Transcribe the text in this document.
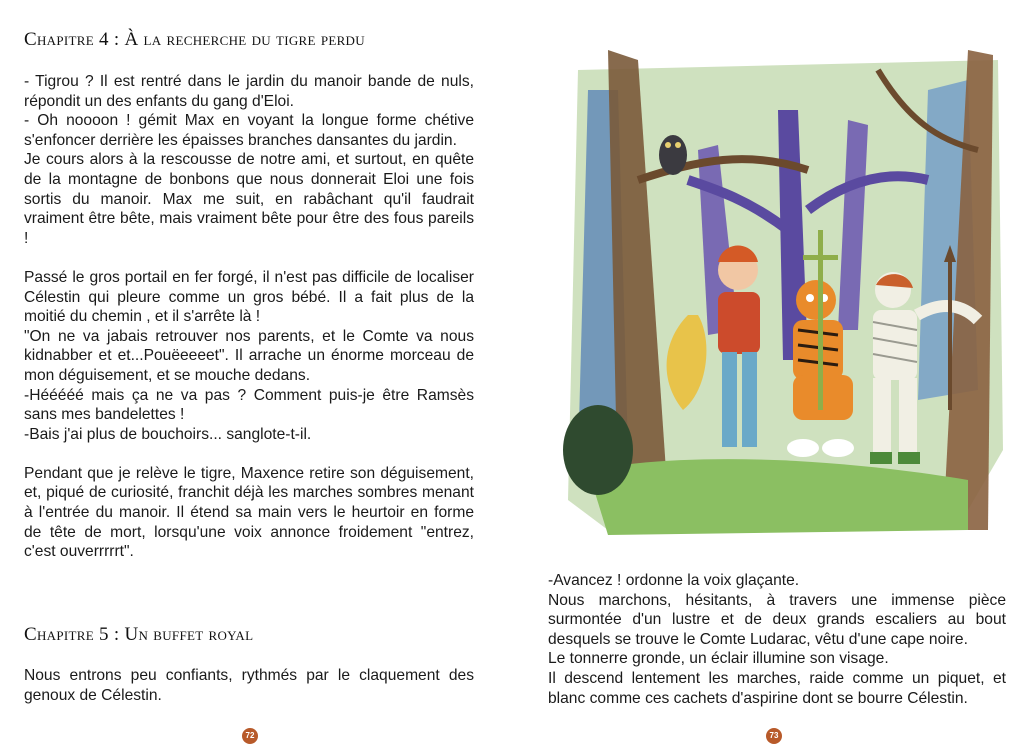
Chapitre 4 : À la recherche du tigre perdu

- Tigrou ? Il est rentré dans le jardin du manoir bande de nuls, répondit un des enfants du gang d'Eloi.

- Oh noooon ! gémit Max en voyant la longue forme chétive s'enfoncer derrière les épaisses branches dansantes du jardin.

Je cours alors à la rescousse de notre ami, et surtout, en quête de la montagne de bonbons que nous donnerait Eloi une fois sortis du manoir. Max me suit, en rabâchant qu'il faudrait vraiment être bête, mais vraiment bête pour être des fous pareils !

Passé le gros portail en fer forgé, il n'est pas difficile de localiser Célestin qui pleure comme un gros bébé. Il a fait plus de la moitié du chemin , et il s'arrête là !

"On ne va jabais retrouver nos parents, et le Comte va nous kidnabber et et...Pouëeeeet". Il arrache un énorme morceau de mon déguisement, et se mouche dedans.

-Hééééé mais ça ne va pas ? Comment puis-je être Ramsès sans mes bandelettes !

-Bais j'ai plus de bouchoirs... sanglote-t-il.

Pendant que je relève le tigre, Maxence retire son déguisement, et, piqué de curiosité, franchit déjà les marches sombres menant à l'entrée du manoir. Il étend sa main vers le heurtoir en forme de tête de mort, lorsqu'une voix annonce froidement "entrez, c'est ouverrrrrt".

Chapitre 5 : Un buffet royal

Nous entrons peu confiants, rythmés par le claquement des genoux de Célestin.

72

-Avancez ! ordonne la voix glaçante.

Nous marchons, hésitants, à travers une immense pièce surmontée d'un lustre et de deux grands escaliers au bout desquels se trouve le Comte Ludarac, vêtu d'une cape noire.

Le tonnerre gronde, un éclair illumine son visage.

Il descend lentement les marches, raide comme un piquet, et blanc comme ces cachets d'aspirine dont se bourre Célestin.

73
